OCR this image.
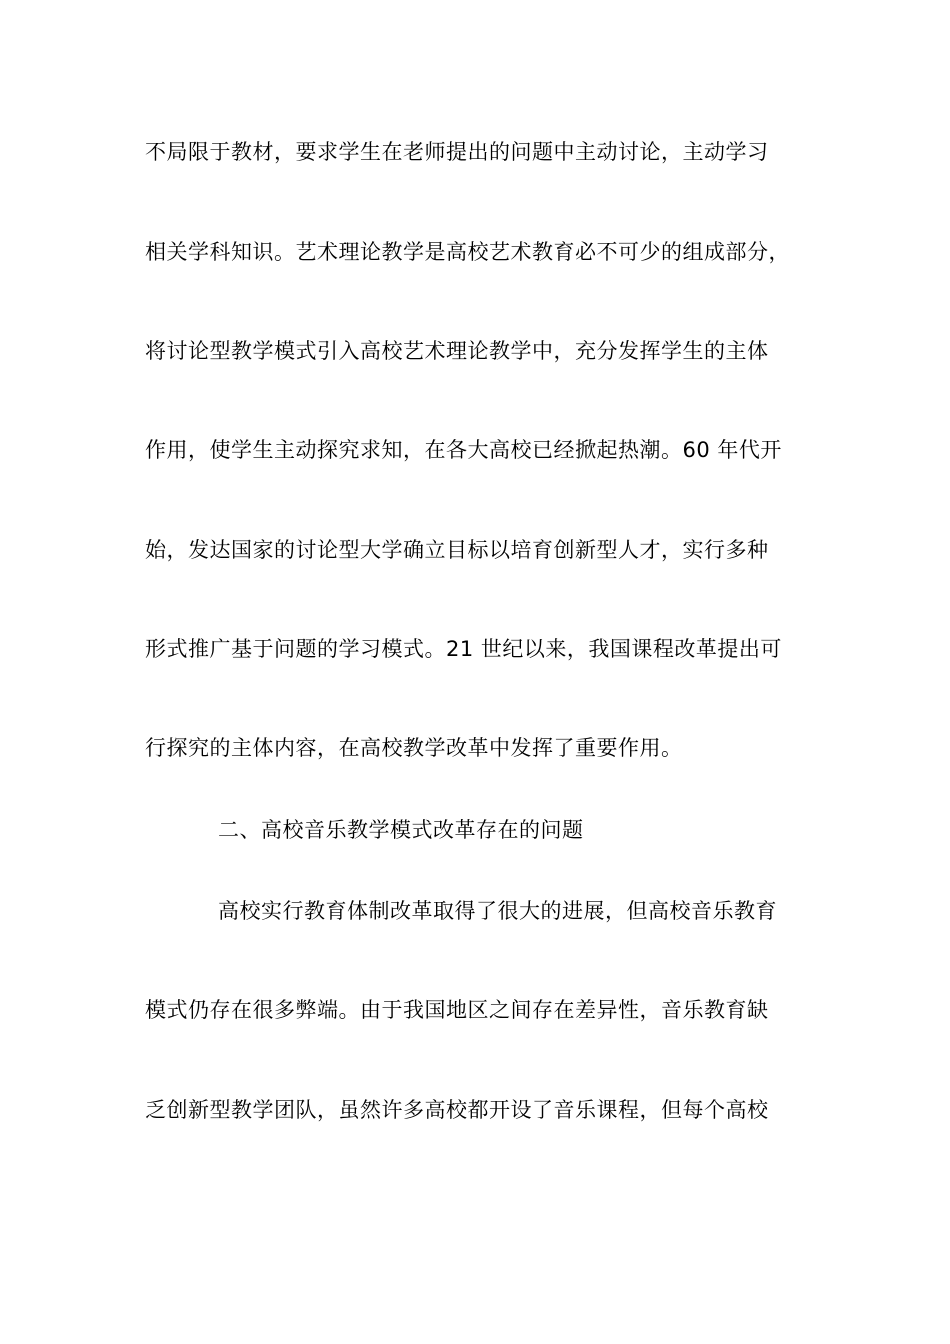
不局限于教材，要求学生在老师提出的问题中主动讨论，主动学习
相关学科知识。艺术理论教学是高校艺术教育必不可少的组成部分，
将讨论型教学模式引入高校艺术理论教学中，充分发挥学生的主体
作用，使学生主动探究求知，在各大高校已经掀起热潮。60 年代开
始，发达国家的讨论型大学确立目标以培育创新型人才，实行多种
形式推广基于问题的学习模式。21 世纪以来，我国课程改革提出可
行探究的主体内容，在高校教学改革中发挥了重要作用。
二、高校音乐教学模式改革存在的问题
高校实行教育体制改革取得了很大的进展，但高校音乐教育
模式仍存在很多弊端。由于我国地区之间存在差异性，音乐教育缺
乏创新型教学团队，虽然许多高校都开设了音乐课程，但每个高校
